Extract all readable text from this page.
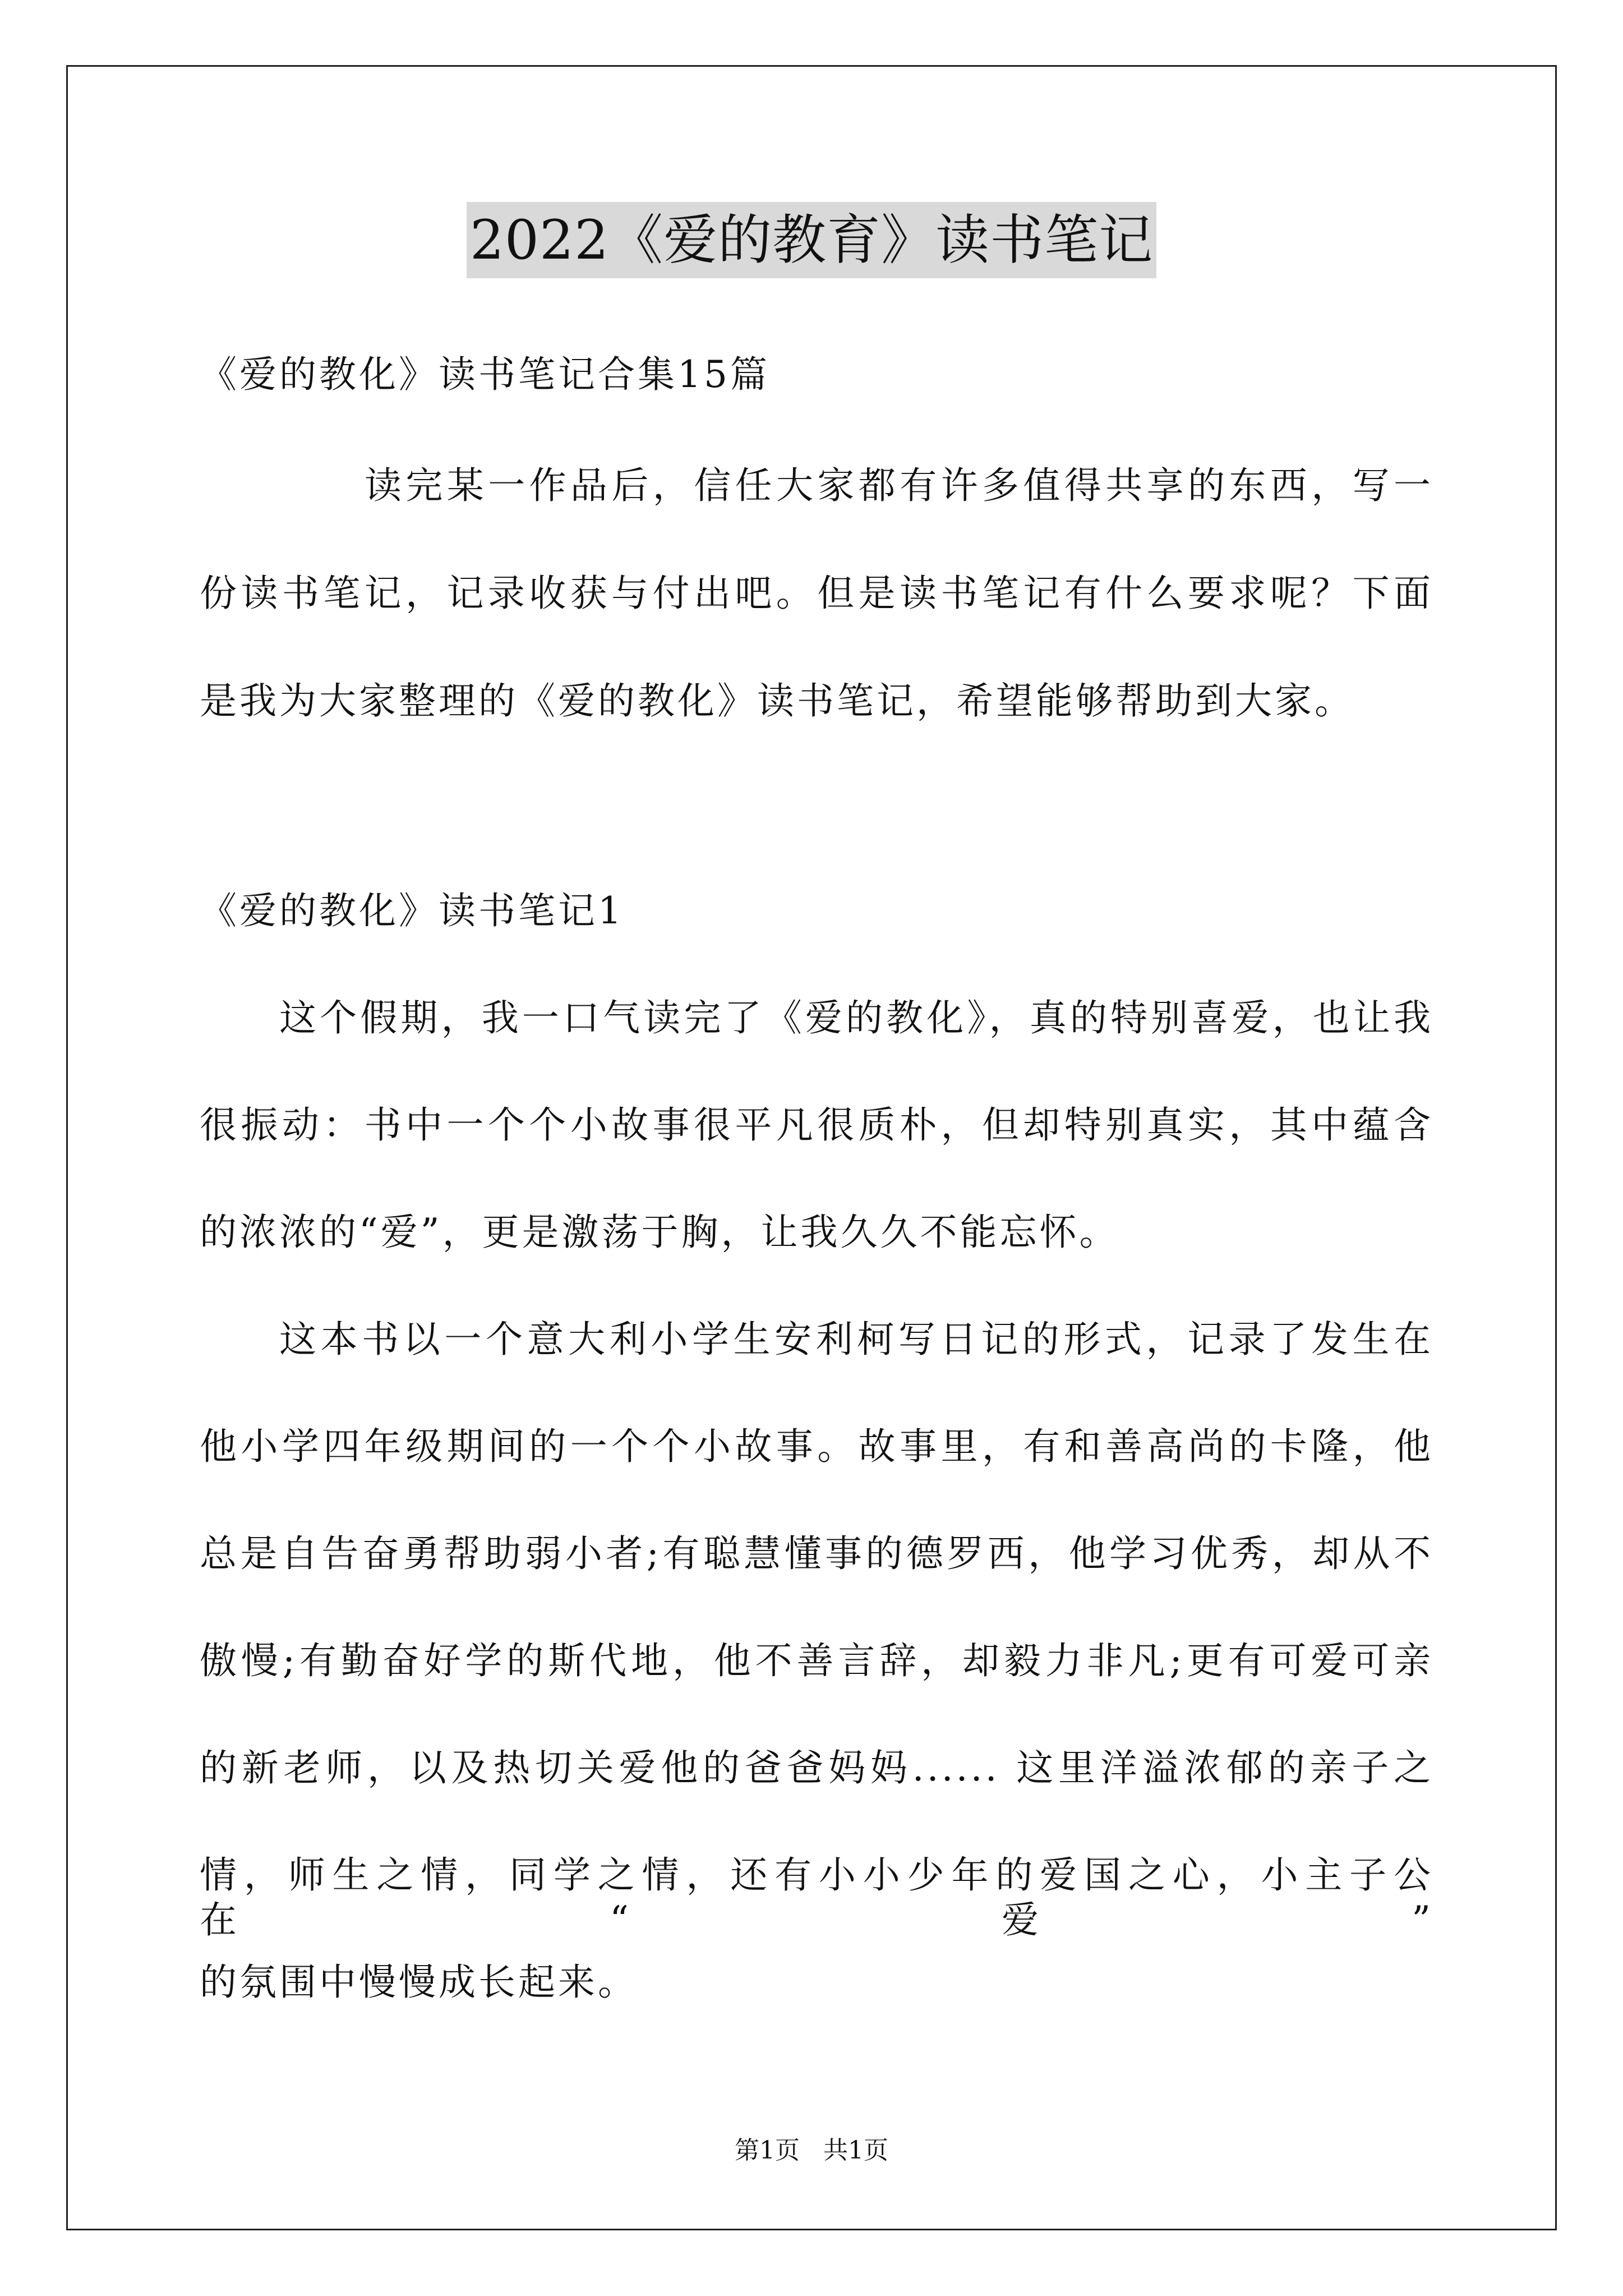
2022《爱的教育》读书笔记
《爱的教化》读书笔记合集15篇
读完某一作品后，信任大家都有许多值得共享的东西，写一
份读书笔记，记录收获与付出吧。但是读书笔记有什么要求呢？下面
是我为大家整理的《爱的教化》读书笔记，希望能够帮助到大家。
《爱的教化》读书笔记1
这个假期，我一口气读完了《爱的教化》，真的特别喜爱，也让我
很振动：书中一个个小故事很平凡很质朴，但却特别真实，其中蕴含
的浓浓的“爱”，更是激荡于胸，让我久久不能忘怀。
这本书以一个意大利小学生安利柯写日记的形式，记录了发生在
他小学四年级期间的一个个小故事。故事里，有和善高尚的卡隆，他
总是自告奋勇帮助弱小者;有聪慧懂事的德罗西，他学习优秀，却从不
傲慢;有勤奋好学的斯代地，他不善言辞，却毅力非凡;更有可爱可亲
的新老师，以及热切关爱他的爸爸妈妈...... 这里洋溢浓郁的亲子之
情，师生之情，同学之情，还有小小少年的爱国之心，小主子公在“爱”
的氛围中慢慢成长起来。
第1页   共1页
